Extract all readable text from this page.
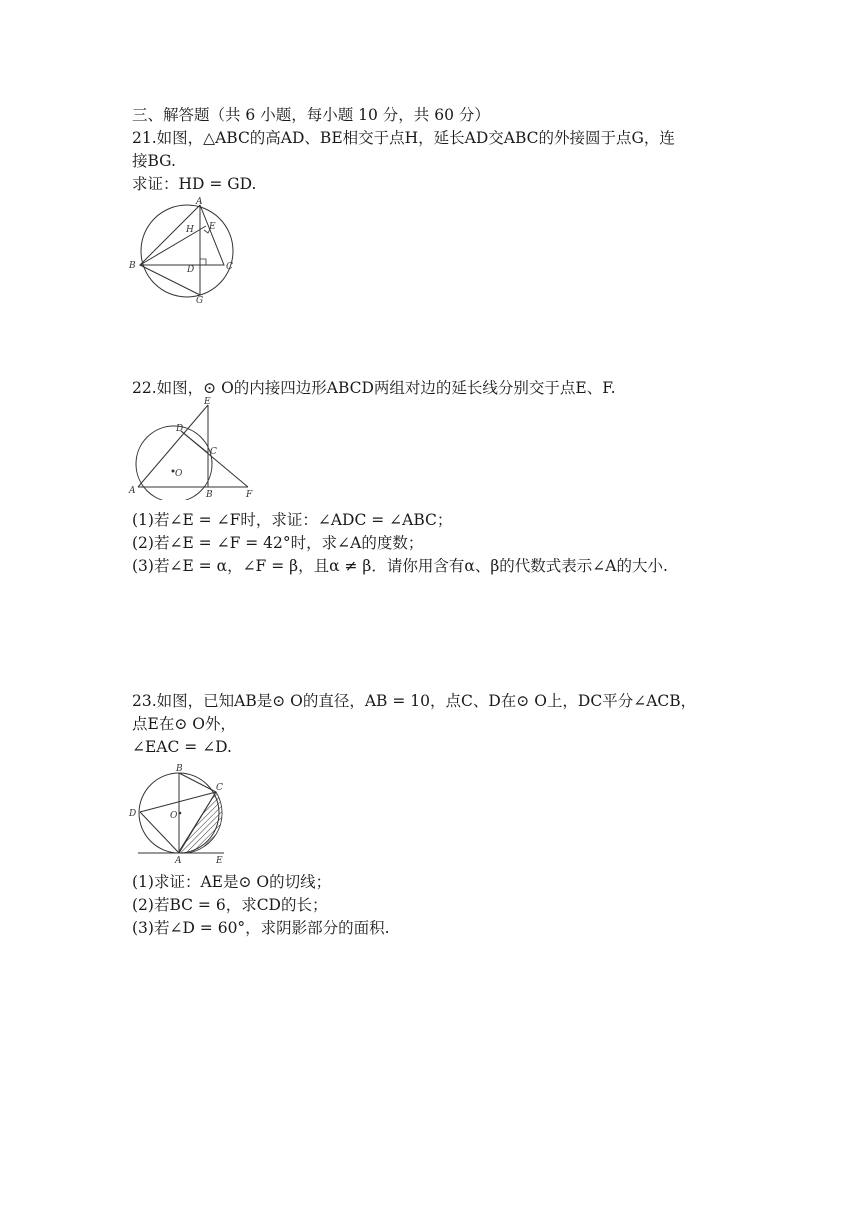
三、解答题（共 6 小题，每小题 10 分，共 60 分）
21.如图，△ABC的高AD、BE相交于点H，延长AD交ABC的外接圆于点G，连
接BG.
求证：HD = GD.
A
H E
B	D	C
G
22.如图，⊙ O的内接四边形ABCD两组对边的延长线分别交于点E、F.
E
D
C
O
A	B	F
(1)若∠E = ∠F时，求证：∠ADC = ∠ABC；
(2)若∠E = ∠F = 42°时，求∠A的度数；
(3)若∠E = α，∠F = β，且α ≠ β．请你用含有α、β的代数式表示∠A的大小.
23.如图，已知AB是⊙ O的直径，AB = 10，点C、D在⊙ O上，DC平分∠ACB，
点E在⊙ O外，
∠EAC = ∠D.
B
C
D	O
A	E
(1)求证：AE是⊙ O的切线；
(2)若BC = 6，求CD的长；
(3)若∠D = 60°，求阴影部分的面积.
